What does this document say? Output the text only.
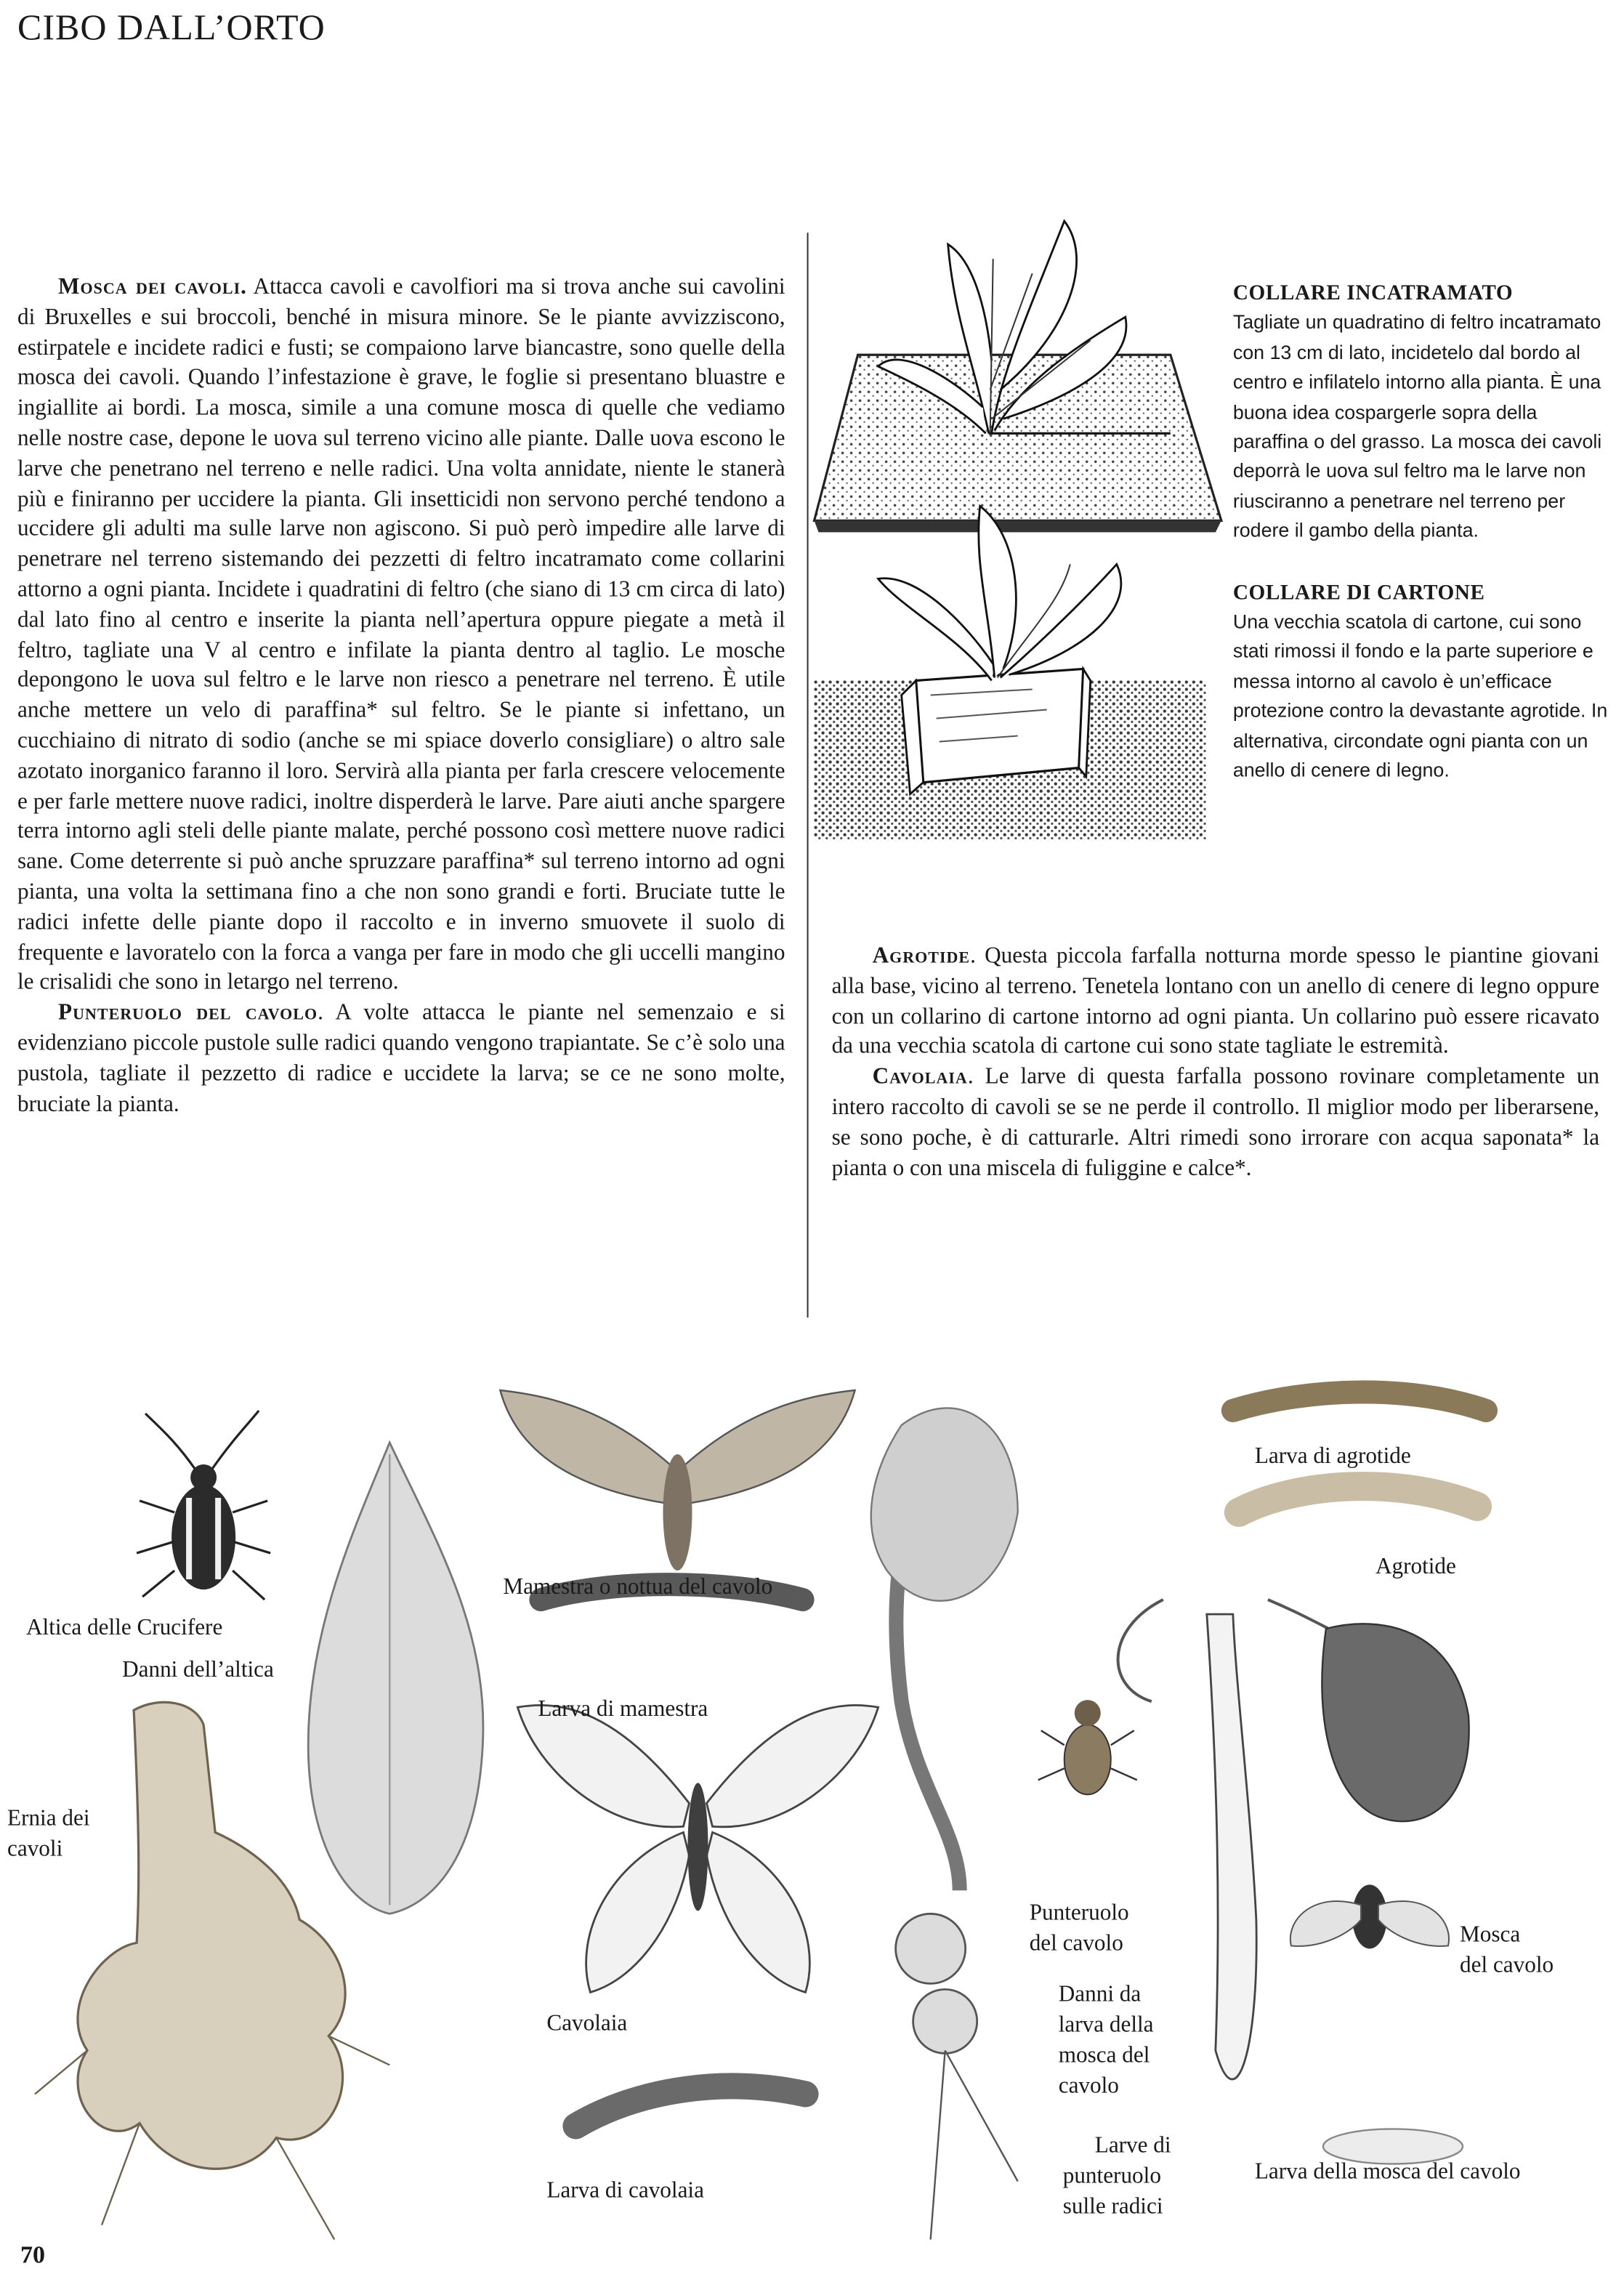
CIBO DALL’ORTO

Mosca dei cavoli. Attacca cavoli e cavolfiori ma si trova anche sui cavolini di Bruxelles e sui broccoli, benché in misura minore. Se le piante avvizziscono, estirpatele e incidete radici e fusti; se compaiono larve biancastre, sono quelle della mosca dei cavoli. Quando l’infestazione è grave, le foglie si presentano bluastre e ingiallite ai bordi. La mosca, simile a una comune mosca di quelle che vediamo nelle nostre case, depone le uova sul terreno vicino alle piante. Dalle uova escono le larve che penetrano nel terreno e nelle radici. Una volta annidate, niente le stanerà più e finiranno per uccidere la pianta. Gli insetticidi non servono perché tendono a uccidere gli adulti ma sulle larve non agiscono. Si può però impedire alle larve di penetrare nel terreno sistemando dei pezzetti di feltro incatramato come collarini attorno a ogni pianta. Incidete i quadratini di feltro (che siano di 13 cm circa di lato) dal lato fino al centro e inserite la pianta nell’apertura oppure piegate a metà il feltro, tagliate una V al centro e infilate la pianta dentro al taglio. Le mosche depongono le uova sul feltro e le larve non riesco a penetrare nel terreno. È utile anche mettere un velo di paraffina* sul feltro. Se le piante si infettano, un cucchiaino di nitrato di sodio (anche se mi spiace doverlo consigliare) o altro sale azotato inorganico faranno il loro. Servirà alla pianta per farla crescere velocemente e per farle mettere nuove radici, inoltre disperderà le larve. Pare aiuti anche spargere terra intorno agli steli delle piante malate, perché possono così mettere nuove radici sane. Come deterrente si può anche spruzzare paraffina* sul terreno intorno ad ogni pianta, una volta la settimana fino a che non sono grandi e forti. Bruciate tutte le radici infette delle piante dopo il raccolto e in inverno smuovete il suolo di frequente e lavoratelo con la forca a vanga per fare in modo che gli uccelli mangino le crisalidi che sono in letargo nel terreno.

Punteruolo del cavolo. A volte attacca le piante nel semenzaio e si evidenziano piccole pustole sulle radici quando vengono trapiantate. Se c’è solo una pustola, tagliate il pezzetto di radice e uccidete la larva; se ce ne sono molte, bruciate la pianta.

COLLARE INCATRAMATO
Tagliate un quadratino di feltro incatramato con 13 cm di lato, incidetelo dal bordo al centro e infilatelo intorno alla pianta. È una buona idea cospargerle sopra della paraffina o del grasso. La mosca dei cavoli deporrà le uova sul feltro ma le larve non riusciranno a penetrare nel terreno per rodere il gambo della pianta.
COLLARE DI CARTONE
Una vecchia scatola di cartone, cui sono stati rimossi il fondo e la parte superiore e messa intorno al cavolo è un’efficace protezione contro la devastante agrotide. In alternativa, circondate ogni pianta con un anello di cenere di legno.

Agrotide. Questa piccola farfalla notturna morde spesso le piantine giovani alla base, vicino al terreno. Tenetela lontano con un anello di cenere di legno oppure con un collarino di cartone intorno ad ogni pianta. Un collarino può essere ricavato da una vecchia scatola di cartone cui sono state tagliate le estremità.

Cavolaia. Le larve di questa farfalla possono rovinare completamente un intero raccolto di cavoli se se ne perde il controllo. Il miglior modo per liberarsene, se sono poche, è di catturarle. Altri rimedi sono irrorare con acqua saponata* la pianta o con una miscela di fuliggine e calce*.

Altica delle Crucifere
Danni dell’altica
Ernia dei
cavoli
Mamestra o nottua del cavolo
Larva di mamestra
Cavolaia
Larva di cavolaia
Larva di agrotide
Agrotide
Punteruolo
del cavolo
Danni da
larva della
mosca del
cavolo
Larve di
punteruolo
sulle radici
Mosca
del cavolo
Larva della mosca del cavolo
70
